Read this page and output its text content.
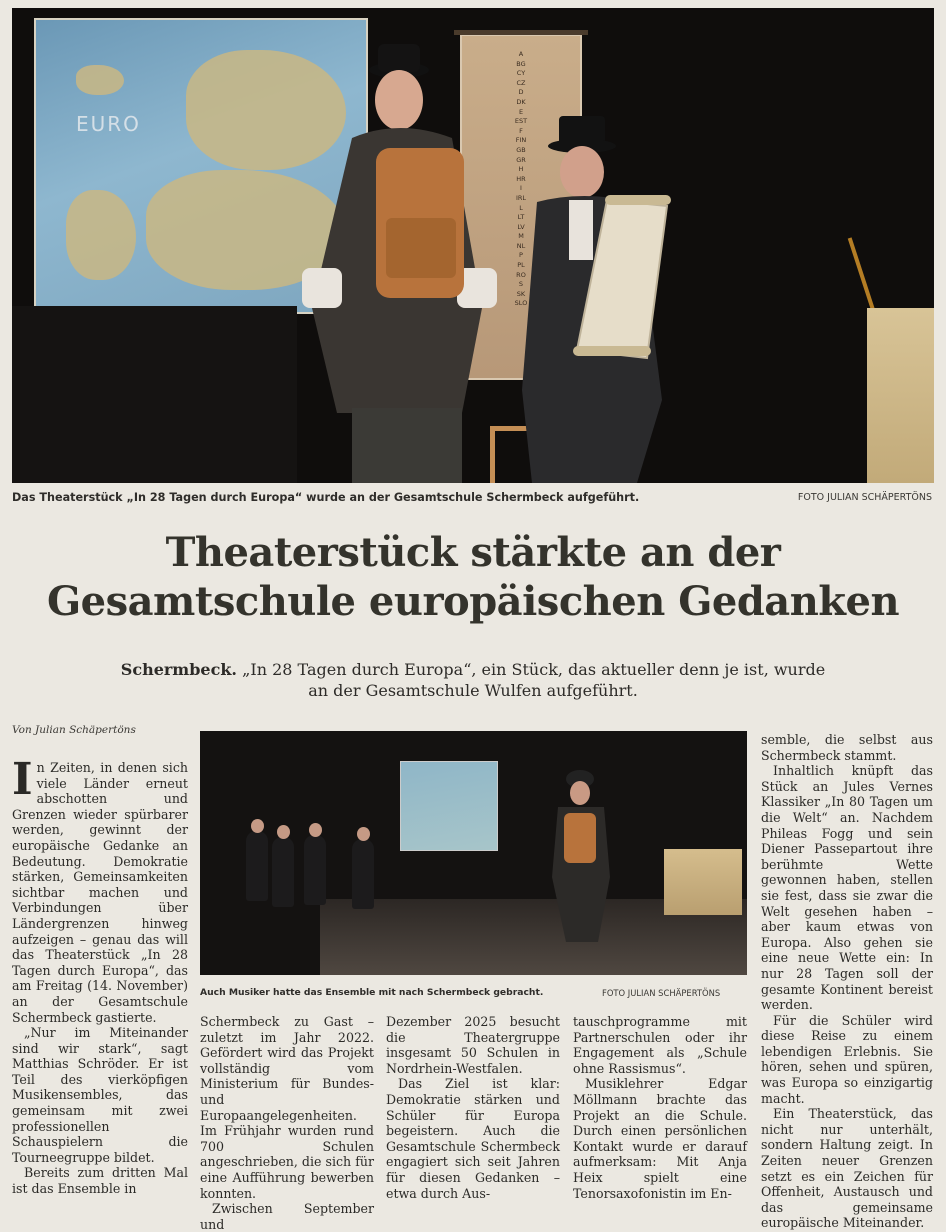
EURO
A
BG
CY
CZ
D
DK
E
EST
F
FIN
GB
GR
H
HR
I
IRL
L
LT
LV
M
NL
P
PL
RO
S
SK
SLO
Das Theaterstück „In 28 Tagen durch Europa“ wurde an der Gesamtschule Schermbeck aufgeführt.	FOTO JULIAN SCHÄPERTÖNS

Theaterstück stärkte an der
Gesamtschule europäischen Gedanken
Schermbeck. „In 28 Tagen durch Europa“, ein Stück, das aktueller denn je ist, wurde an der Gesamtschule Wulfen aufgeführt.
Von Julian Schäpertöns

In Zeiten, in denen sich viele Länder erneut abschotten und Grenzen wieder spürbarer werden, gewinnt der europäische Gedanke an Bedeutung. Demokratie stärken, Gemeinsamkeiten sichtbar machen und Verbindungen über Ländergrenzen hinweg aufzeigen – genau das will das Theaterstück „In 28 Tagen durch Europa“, das am Freitag (14. November) an der Gesamtschule Schermbeck gastierte.

„Nur im Miteinander sind wir stark“, sagt Matthias Schröder. Er ist Teil des vierköpfigen Musikensembles, das gemeinsam mit zwei professionellen Schauspielern die Tourneegruppe bildet.

Bereits zum dritten Mal ist das Ensemble in

Schermbeck zu Gast – zuletzt im Jahr 2022. Gefördert wird das Projekt vollständig vom Ministerium für Bundes- und Europaangelegenheiten. Im Frühjahr wurden rund 700 Schulen angeschrieben, die sich für eine Aufführung bewerben konnten.

Zwischen September und

Dezember 2025 besucht die Theatergruppe insgesamt 50 Schulen in Nordrhein-Westfalen.

Das Ziel ist klar: Demokratie stärken und Schüler für Europa begeistern. Auch die Gesamtschule Schermbeck engagiert sich seit Jahren für diesen Gedanken – etwa durch Aus-

tauschprogramme mit Partnerschulen oder ihr Engagement als „Schule ohne Rassismus“.

Musiklehrer Edgar Möllmann brachte das Projekt an die Schule. Durch einen persönlichen Kontakt wurde er darauf aufmerksam: Mit Anja Heix spielt eine Tenorsaxofonistin im En-

semble, die selbst aus Schermbeck stammt.

Inhaltlich knüpft das Stück an Jules Vernes Klassiker „In 80 Tagen um die Welt“ an. Nachdem Phileas Fogg und sein Diener Passepartout ihre berühmte Wette gewonnen haben, stellen sie fest, dass sie zwar die Welt gesehen haben – aber kaum etwas von Europa. Also gehen sie eine neue Wette ein: In nur 28 Tagen soll der gesamte Kontinent bereist werden.

Für die Schüler wird diese Reise zu einem lebendigen Erlebnis. Sie hören, sehen und spüren, was Europa so einzigartig macht.

Ein Theaterstück, das nicht nur unterhält, sondern Haltung zeigt. In Zeiten neuer Grenzen setzt es ein Zeichen für Offenheit, Austausch und das gemeinsame europäische Miteinander.

Auch Musiker hatte das Ensemble mit nach Schermbeck gebracht.	FOTO JULIAN SCHÄPERTÖNS
